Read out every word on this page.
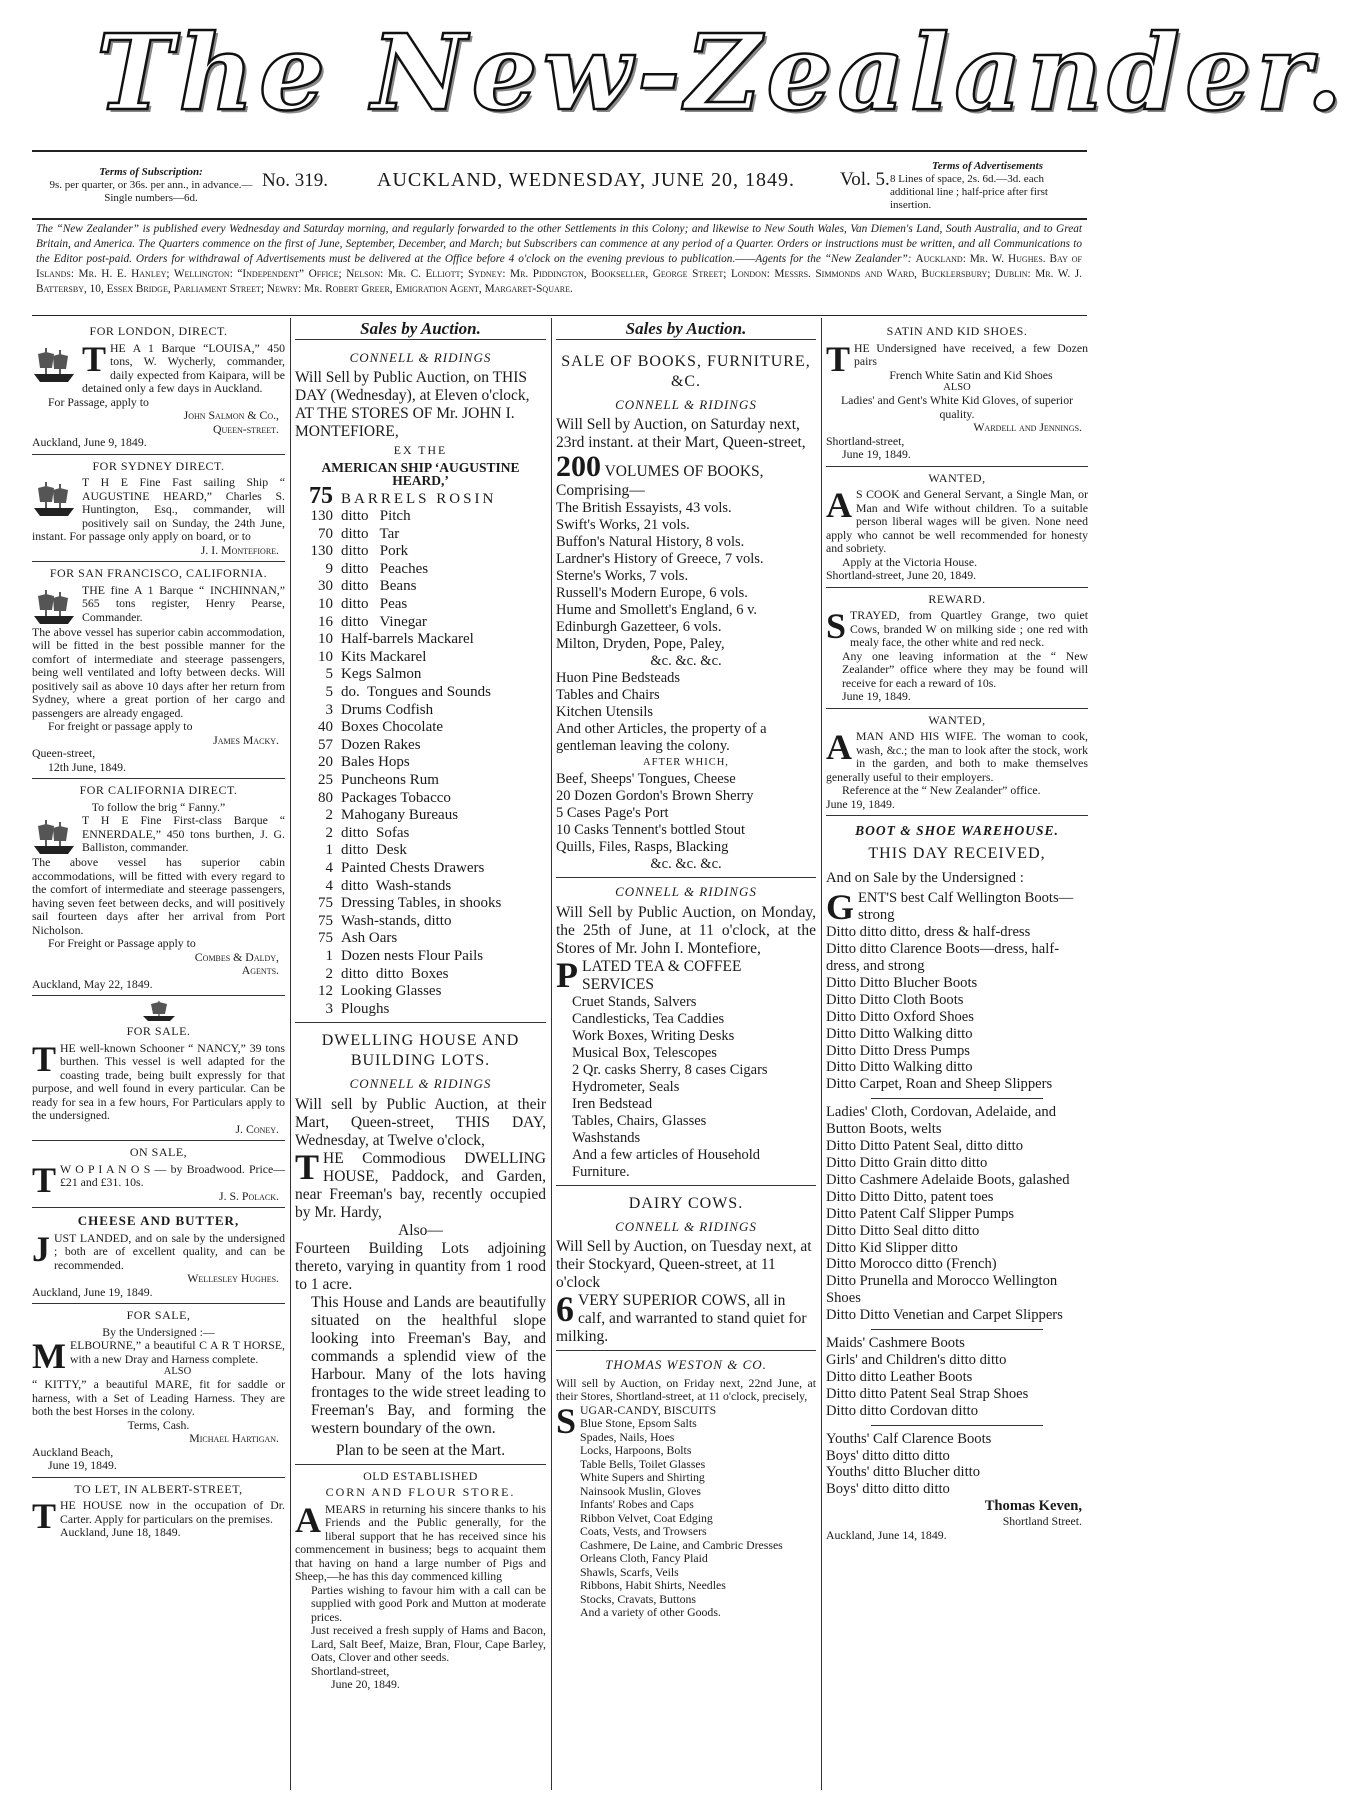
The New-Zealander.
Terms of Subscription:
9s. per quarter, or 36s. per ann., in advance.—Single numbers—6d.
No. 319. AUCKLAND, WEDNESDAY, JUNE 20, 1849. Vol. 5.
Terms of Advertisements
8 Lines of space, 2s. 6d.—3d. each additional line ; half-price after first insertion.
The “New Zealander” is published every Wednesday and Saturday morning, and regularly forwarded to the other Settlements in this Colony; and likewise to New South Wales, Van Diemen's Land, South Australia, and to Great Britain, and America. The Quarters commence on the first of June, September, December, and March; but Subscribers can commence at any period of a Quarter. Orders or instructions must be written, and all Communications to the Editor post-paid. Orders for withdrawal of Advertisements must be delivered at the Office before 4 o'clock on the evening previous to publication.——Agents for the “New Zealander”: Auckland: Mr. W. Hughes. Bay of Islands: Mr. H. E. Hanley; Wellington: “Independent” Office; Nelson: Mr. C. Elliott; Sydney: Mr. Piddington, Bookseller, George Street; London: Messrs. Simmonds and Ward, Bucklersbury; Dublin: Mr. W. J. Battersby, 10, Essex Bridge, Parliament Street; Newry: Mr. Robert Greer, Emigration Agent, Margaret-Square.
FOR LONDON, DIRECT.
THE A 1 Barque “LOUISA,” 450 tons, W. Wycherly, commander, daily expected from Kaipara, will be detained only a few days in Auckland.
For Passage, apply to
John Salmon & Co.,
Queen-street.
Auckland, June 9, 1849.
FOR SYDNEY DIRECT.
T H E Fine Fast sailing Ship “ AUGUSTINE HEARD,” Charles S. Huntington, Esq., commander, will positively sail on Sunday, the 24th June, instant. For passage only apply on board, or to
J. I. Montefiore.
FOR SAN FRANCISCO, CALIFORNIA.
THE fine A 1 Barque “ INCHINNAN,” 565 tons register, Henry Pearse, Commander.
The above vessel has superior cabin accommodation, will be fitted in the best possible manner for the comfort of intermediate and steerage passengers, being well ventilated and lofty between decks. Will positively sail as above 10 days after her return from Sydney, where a great portion of her cargo and passengers are already engaged.
For freight or passage apply to
James Macky.
Queen-street,
12th June, 1849.
FOR CALIFORNIA DIRECT.
To follow the brig “ Fanny.”
T H E Fine First-class Barque “ ENNERDALE,” 450 tons burthen, J. G. Balliston, commander.
The above vessel has superior cabin accommodations, will be fitted with every regard to the comfort of intermediate and steerage passengers, having seven feet between decks, and will positively sail fourteen days after her arrival from Port Nicholson.
For Freight or Passage apply to
Combes & Daldy,
Agents.
Auckland, May 22, 1849.
FOR SALE.
THE well-known Schooner “ NANCY,” 39 tons burthen. This vessel is well adapted for the coasting trade, being built expressly for that purpose, and well found in every particular. Can be ready for sea in a few hours, For Particulars apply to the undersigned.
J. Coney.
ON SALE,
T W O P I A N O S — by Broadwood. Price—£21 and £31. 10s.
J. S. Polack.
CHEESE AND BUTTER,
JUST LANDED, and on sale by the undersigned ; both are of excellent quality, and can be recommended.
Wellesley Hughes.
Auckland, June 19, 1849.
FOR SALE,
By the Undersigned :—
MELBOURNE,” a beautiful C A R T HORSE, with a new Dray and Harness complete.
ALSO
“ KITTY,” a beautiful MARE, fit for saddle or harness, with a Set of Leading Harness. They are both the best Horses in the colony.
Terms, Cash.
Michael Hartigan.
Auckland Beach,
June 19, 1849.
TO LET, IN ALBERT-STREET,
THE HOUSE now in the occupation of Dr. Carter. Apply for particulars on the premises.
Auckland, June 18, 1849.
Sales by Auction.
CONNELL & RIDINGS
Will Sell by Public Auction, on THIS DAY (Wednesday), at Eleven o'clock, AT THE STORES OF Mr. JOHN I. MONTEFIORE,
EX THE
AMERICAN SHIP ‘AUGUSTINE HEARD,’
75 BARRELS ROSIN
130 ditto   Pitch
70 ditto   Tar
130 ditto   Pork
9 ditto   Peaches
30 ditto   Beans
10 ditto   Peas
16 ditto   Vinegar
10 Half-barrels Mackarel
10 Kits Mackarel
5 Kegs Salmon
5 do.  Tongues and Sounds
3 Drums Codfish
40 Boxes Chocolate
57 Dozen Rakes
20 Bales Hops
25 Puncheons Rum
80 Packages Tobacco
2 Mahogany Bureaus
2 ditto  Sofas
1 ditto  Desk
4 Painted Chests Drawers
4 ditto  Wash-stands
75 Dressing Tables, in shooks
75 Wash-stands, ditto
75 Ash Oars
1 Dozen nests Flour Pails
2 ditto  ditto  Boxes
12 Looking Glasses
3 Ploughs
DWELLING HOUSE AND BUILDING LOTS.
CONNELL & RIDINGS
Will sell by Public Auction, at their Mart, Queen-street, THIS DAY, Wednesday, at Twelve o'clock,
THE Commodious DWELLING HOUSE, Paddock, and Garden, near Freeman's bay, recently occupied by Mr. Hardy,
Also—
Fourteen Building Lots adjoining thereto, varying in quantity from 1 rood to 1 acre.
This House and Lands are beautifully situated on the healthful slope looking into Freeman's Bay, and commands a splendid view of the Harbour. Many of the lots having frontages to the wide street leading to Freeman's Bay, and forming the western boundary of the own.
Plan to be seen at the Mart.
OLD ESTABLISHED
CORN AND FLOUR STORE.
AMEARS in returning his sincere thanks to his Friends and the Public generally, for the liberal support that he has received since his commencement in business; begs to acquaint them that having on hand a large number of Pigs and Sheep,—he has this day commenced killing
Parties wishing to favour him with a call can be supplied with good Pork and Mutton at moderate prices.
Just received a fresh supply of Hams and Bacon, Lard, Salt Beef, Maize, Bran, Flour, Cape Barley, Oats, Clover and other seeds.
Shortland-street,
June 20, 1849.
Sales by Auction.
SALE OF BOOKS, FURNITURE, &C.
CONNELL & RIDINGS
Will Sell by Auction, on Saturday next, 23rd instant. at their Mart, Queen-street,
200 VOLUMES OF BOOKS, Comprising—
The British Essayists, 43 vols.
Swift's Works, 21 vols.
Buffon's Natural History, 8 vols.
Lardner's History of Greece, 7 vols.
Sterne's Works, 7 vols.
Russell's Modern Europe, 6 vols.
Hume and Smollett's England, 6 v.
Edinburgh Gazetteer, 6 vols.
Milton, Dryden, Pope, Paley,
&c. &c. &c.
Huon Pine Bedsteads
Tables and Chairs
Kitchen Utensils
And other Articles, the property of a gentleman leaving the colony.
AFTER WHICH,
Beef, Sheeps' Tongues, Cheese
20 Dozen Gordon's Brown Sherry
5 Cases Page's Port
10 Casks Tennent's bottled Stout
Quills, Files, Rasps, Blacking
&c. &c. &c.
CONNELL & RIDINGS
Will Sell by Public Auction, on Monday, the 25th of June, at 11 o'clock, at the Stores of Mr. John I. Montefiore,
PLATED TEA & COFFEE SERVICES
Cruet Stands, Salvers
Candlesticks, Tea Caddies
Work Boxes, Writing Desks
Musical Box, Telescopes
2 Qr. casks Sherry, 8 cases Cigars
Hydrometer, Seals
Iren Bedstead
Tables, Chairs, Glasses
Washstands
And a few articles of Household Furniture.
DAIRY COWS.
CONNELL & RIDINGS
Will Sell by Auction, on Tuesday next, at their Stockyard, Queen-street, at 11 o'clock
6 VERY SUPERIOR COWS, all in calf, and warranted to stand quiet for milking.
THOMAS WESTON & CO.
Will sell by Auction, on Friday next, 22nd June, at their Stores, Shortland-street, at 11 o'clock, precisely,
SUGAR-CANDY, BISCUITS
Blue Stone, Epsom Salts
Spades, Nails, Hoes
Locks, Harpoons, Bolts
Table Bells, Toilet Glasses
White Supers and Shirting
Nainsook Muslin, Gloves
Infants' Robes and Caps
Ribbon Velvet, Coat Edging
Coats, Vests, and Trowsers
Cashmere, De Laine, and Cambric Dresses
Orleans Cloth, Fancy Plaid
Shawls, Scarfs, Veils
Ribbons, Habit Shirts, Needles
Stocks, Cravats, Buttons
And a variety of other Goods.
SATIN AND KID SHOES.
THE Undersigned have received, a few Dozen pairs
French White Satin and Kid Shoes
ALSO
Ladies' and Gent's White Kid Gloves, of superior quality.
Wardell and Jennings.
Shortland-street,
June 19, 1849.
WANTED,
A S COOK and General Servant, a Single Man, or Man and Wife without children. To a suitable person liberal wages will be given. None need apply who cannot be well recommended for honesty and sobriety.
Apply at the Victoria House.
Shortland-street, June 20, 1849.
REWARD.
STRAYED, from Quartley Grange, two quiet Cows, branded W on milking side ; one red with mealy face, the other white and red neck.
Any one leaving information at the “ New Zealander” office where they may be found will receive for each a reward of 10s.
June 19, 1849.
WANTED,
AMAN AND HIS WIFE. The woman to cook, wash, &c.; the man to look after the stock, work in the garden, and both to make themselves generally useful to their employers.
Reference at the “ New Zealander” office.
June 19, 1849.
BOOT & SHOE WAREHOUSE.
THIS DAY RECEIVED,
And on Sale by the Undersigned :
GENT'S best Calf Wellington Boots—strong
Ditto ditto ditto, dress & half-dress
Ditto ditto Clarence Boots—dress, half-dress, and strong
Ditto Ditto Blucher Boots
Ditto Ditto Cloth Boots
Ditto Ditto Oxford Shoes
Ditto Ditto Walking ditto
Ditto Ditto Dress Pumps
Ditto Ditto Walking ditto
Ditto Carpet, Roan and Sheep Slippers
Ladies' Cloth, Cordovan, Adelaide, and Button Boots, welts
Ditto Ditto Patent Seal, ditto ditto
Ditto Ditto Grain ditto ditto
Ditto Cashmere Adelaide Boots, galashed
Ditto Ditto Ditto, patent toes
Ditto Patent Calf Slipper Pumps
Ditto Ditto Seal ditto ditto
Ditto Kid Slipper ditto
Ditto Morocco ditto (French)
Ditto Prunella and Morocco Wellington Shoes
Ditto Ditto Venetian and Carpet Slippers
Maids' Cashmere Boots
Girls' and Children's ditto ditto
Ditto ditto Leather Boots
Ditto ditto Patent Seal Strap Shoes
Ditto ditto Cordovan ditto
Youths' Calf Clarence Boots
Boys' ditto ditto ditto
Youths' ditto Blucher ditto
Boys' ditto ditto ditto
Thomas Keven,
Shortland Street.
Auckland, June 14, 1849.
